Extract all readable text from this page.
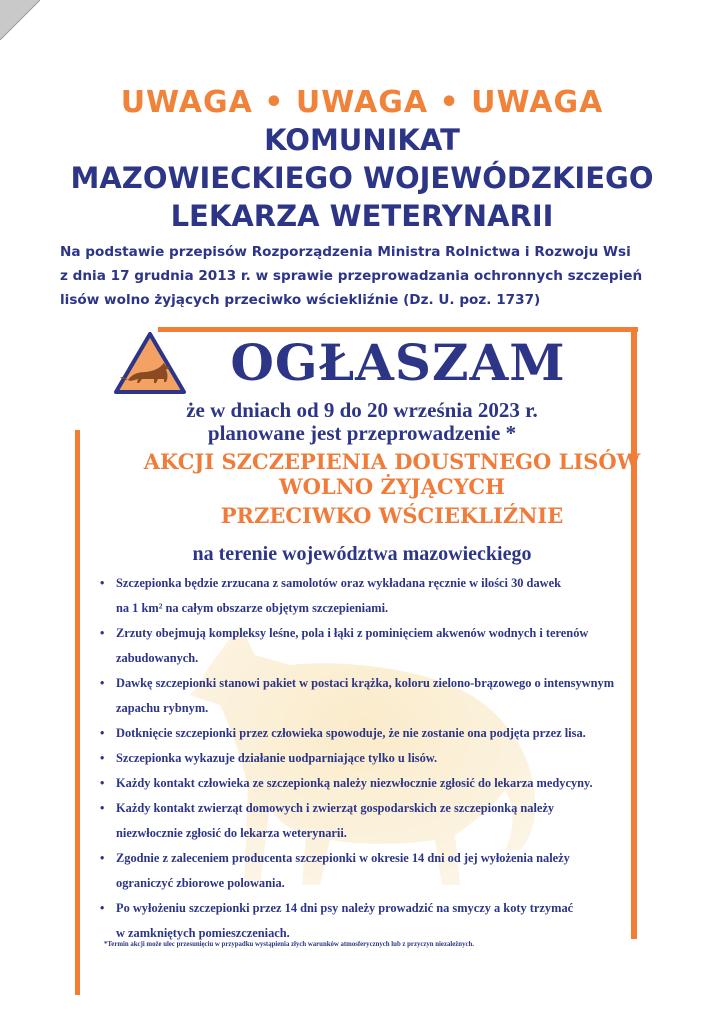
UWAGA • UWAGA • UWAGA
KOMUNIKAT
MAZOWIECKIEGO WOJEWÓDZKIEGO
LEKARZA WETERYNARII
Na podstawie przepisów Rozporządzenia Ministra Rolnictwa i Rozwoju Wsi
z dnia 17 grudnia 2013 r. w sprawie przeprowadzania ochronnych szczepień
lisów wolno żyjących przeciwko wściekliźnie (Dz. U. poz. 1737)
OGŁASZAM
że w dniach od 9 do 20 września 2023 r.
planowane jest przeprowadzenie *
AKCJI SZCZEPIENIA DOUSTNEGO LISÓW
WOLNO ŻYJĄCYCH
PRZECIWKO WŚCIEKLIŹNIE
na terenie województwa mazowieckiego
• Szczepionka będzie zrzucana z samolotów oraz wykładana ręcznie w ilości 30 dawek
na 1 km² na całym obszarze objętym szczepieniami.
• Zrzuty obejmują kompleksy leśne, pola i łąki z pominięciem akwenów wodnych i terenów
zabudowanych.
• Dawkę szczepionki stanowi pakiet w postaci krążka, koloru zielono-brązowego o intensywnym
zapachu rybnym.
• Dotknięcie szczepionki przez człowieka spowoduje, że nie zostanie ona podjęta przez lisa.
• Szczepionka wykazuje działanie uodparniające tylko u lisów.
• Każdy kontakt człowieka ze szczepionką należy niezwłocznie zgłosić do lekarza medycyny.
• Każdy kontakt zwierząt domowych i zwierząt gospodarskich ze szczepionką należy
niezwłocznie zgłosić do lekarza weterynarii.
• Zgodnie z zaleceniem producenta szczepionki w okresie 14 dni od jej wyłożenia należy
ograniczyć zbiorowe polowania.
• Po wyłożeniu szczepionki przez 14 dni psy należy prowadzić na smyczy a koty trzymać
w zamkniętych pomieszczeniach.
*Termin akcji może ulec przesunięciu w przypadku wystąpienia złych warunków atmosferycznych lub z przyczyn niezależnych.
